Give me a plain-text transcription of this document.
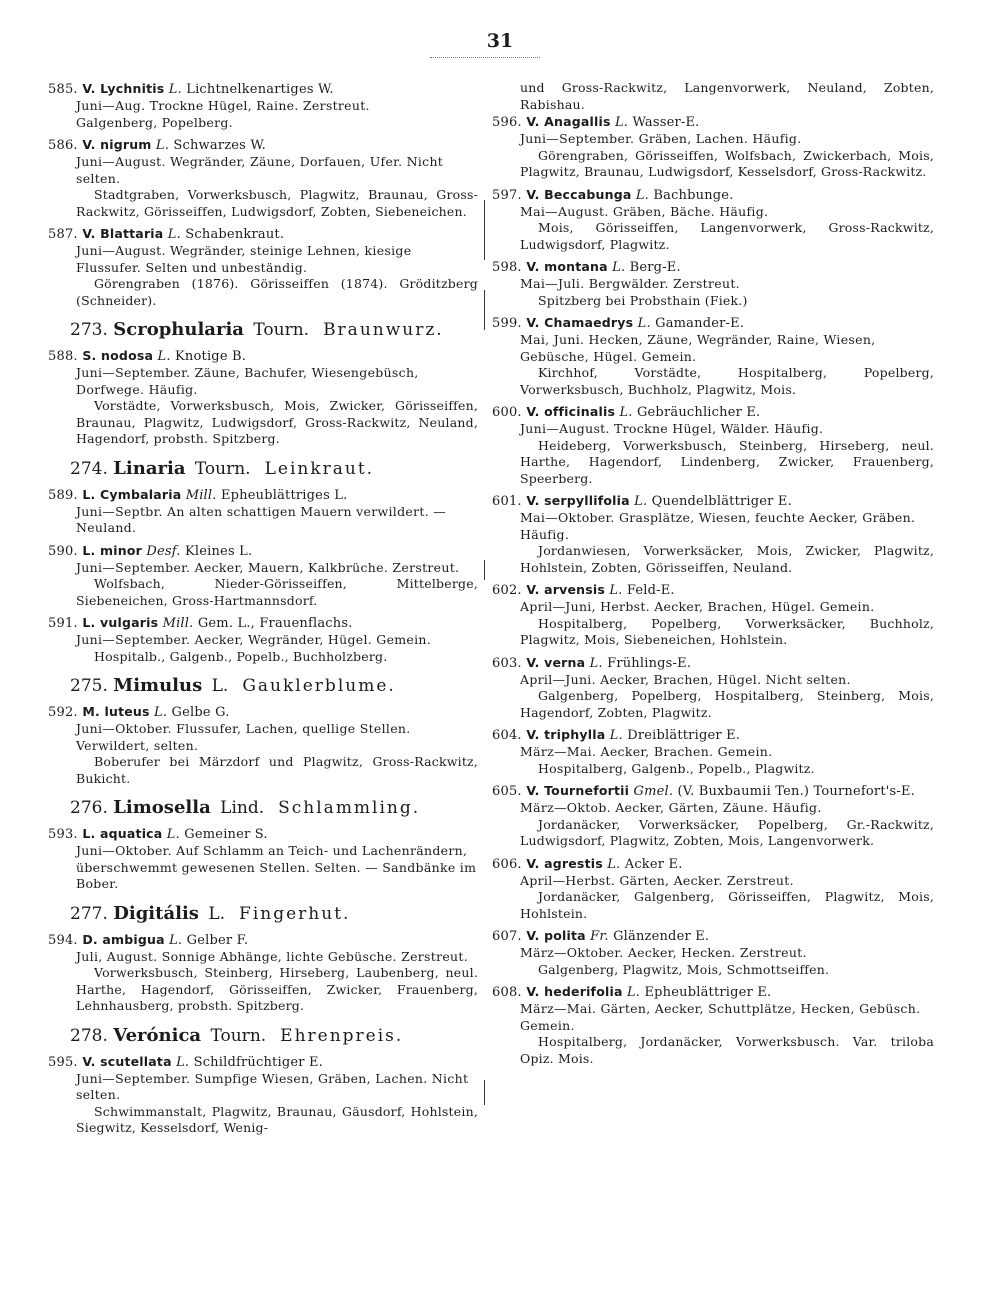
31
585. V. Lychnitis L. Lichtnelkenartiges W.
Juni—Aug. Trockne Hügel, Raine. Zerstreut.
Galgenberg, Popelberg.
586. V. nigrum L. Schwarzes W.
Juni—August. Wegränder, Zäune, Dorfauen, Ufer. Nicht selten.
Stadtgraben, Vorwerksbusch, Plagwitz, Braunau, Gross-Rackwitz, Görisseiffen, Ludwigsdorf, Zobten, Siebeneichen.
587. V. Blattaria L. Schabenkraut.
Juni—August. Wegränder, steinige Lehnen, kiesige Flussufer. Selten und unbeständig.
Görengraben (1876). Görisseiffen (1874). Gröditzberg (Schneider).
273. Scrophularia Tourn. Braunwurz.
588. S. nodosa L. Knotige B.
Juni—September. Zäune, Bachufer, Wiesengebüsch, Dorfwege. Häufig.
Vorstädte, Vorwerksbusch, Mois, Zwicker, Görisseiffen, Braunau, Plagwitz, Ludwigsdorf, Gross-Rackwitz, Neuland, Hagendorf, probsth. Spitzberg.
274. Linaria Tourn. Leinkraut.
589. L. Cymbalaria Mill. Epheublättriges L.
Juni—Septbr. An alten schattigen Mauern verwildert. — Neuland.
590. L. minor Desf. Kleines L.
Juni—September. Aecker, Mauern, Kalkbrüche. Zerstreut.
Wolfsbach, Nieder-Görisseiffen, Mittelberge, Siebeneichen, Gross-Hartmannsdorf.
591. L. vulgaris Mill. Gem. L., Frauenflachs.
Juni—September. Aecker, Wegränder, Hügel. Gemein.
Hospitalb., Galgenb., Popelb., Buchholzberg.
275. Mimulus L. Gauklerblume.
592. M. luteus L. Gelbe G.
Juni—Oktober. Flussufer, Lachen, quellige Stellen. Verwildert, selten.
Boberufer bei Märzdorf und Plagwitz, Gross-Rackwitz, Bukicht.
276. Limosella Lind. Schlammling.
593. L. aquatica L. Gemeiner S.
Juni—Oktober. Auf Schlamm an Teich- und Lachenrändern, überschwemmt gewesenen Stellen. Selten. — Sandbänke im Bober.
277. Digitális L. Fingerhut.
594. D. ambigua L. Gelber F.
Juli, August. Sonnige Abhänge, lichte Gebüsche. Zerstreut.
Vorwerksbusch, Steinberg, Hirseberg, Laubenberg, neul. Harthe, Hagendorf, Görisseiffen, Zwicker, Frauenberg, Lehnhausberg, probsth. Spitzberg.
278. Verónica Tourn. Ehrenpreis.
595. V. scutellata L. Schildfrüchtiger E.
Juni—September. Sumpfige Wiesen, Gräben, Lachen. Nicht selten.
Schwimmanstalt, Plagwitz, Braunau, Gäusdorf, Hohlstein, Siegwitz, Kesselsdorf, Wenig-
und Gross-Rackwitz, Langenvorwerk, Neuland, Zobten, Rabishau.
596. V. Anagallis L. Wasser-E.
Juni—September. Gräben, Lachen. Häufig.
Görengraben, Görisseiffen, Wolfsbach, Zwickerbach, Mois, Plagwitz, Braunau, Ludwigsdorf, Kesselsdorf, Gross-Rackwitz.
597. V. Beccabunga L. Bachbunge.
Mai—August. Gräben, Bäche. Häufig.
Mois, Görisseiffen, Langenvorwerk, Gross-Rackwitz, Ludwigsdorf, Plagwitz.
598. V. montana L. Berg-E.
Mai—Juli. Bergwälder. Zerstreut.
Spitzberg bei Probsthain (Fiek.)
599. V. Chamaedrys L. Gamander-E.
Mai, Juni. Hecken, Zäune, Wegränder, Raine, Wiesen, Gebüsche, Hügel. Gemein.
Kirchhof, Vorstädte, Hospitalberg, Popelberg, Vorwerksbusch, Buchholz, Plagwitz, Mois.
600. V. officinalis L. Gebräuchlicher E.
Juni—August. Trockne Hügel, Wälder. Häufig.
Heideberg, Vorwerksbusch, Steinberg, Hirseberg, neul. Harthe, Hagendorf, Lindenberg, Zwicker, Frauenberg, Speerberg.
601. V. serpyllifolia L. Quendelblättriger E.
Mai—Oktober. Grasplätze, Wiesen, feuchte Aecker, Gräben. Häufig.
Jordanwiesen, Vorwerksäcker, Mois, Zwicker, Plagwitz, Hohlstein, Zobten, Görisseiffen, Neuland.
602. V. arvensis L. Feld-E.
April—Juni, Herbst. Aecker, Brachen, Hügel. Gemein.
Hospitalberg, Popelberg, Vorwerksäcker, Buchholz, Plagwitz, Mois, Siebeneichen, Hohlstein.
603. V. verna L. Frühlings-E.
April—Juni. Aecker, Brachen, Hügel. Nicht selten.
Galgenberg, Popelberg, Hospitalberg, Steinberg, Mois, Hagendorf, Zobten, Plagwitz.
604. V. triphylla L. Dreiblättriger E.
März—Mai. Aecker, Brachen. Gemein.
Hospitalberg, Galgenb., Popelb., Plagwitz.
605. V. Tournefortii Gmel. (V. Buxbaumii Ten.) Tournefort's-E.
März—Oktob. Aecker, Gärten, Zäune. Häufig.
Jordanäcker, Vorwerksäcker, Popelberg, Gr.-Rackwitz, Ludwigsdorf, Plagwitz, Zobten, Mois, Langenvorwerk.
606. V. agrestis L. Acker E.
April—Herbst. Gärten, Aecker. Zerstreut.
Jordanäcker, Galgenberg, Görisseiffen, Plagwitz, Mois, Hohlstein.
607. V. polita Fr. Glänzender E.
März—Oktober. Aecker, Hecken. Zerstreut.
Galgenberg, Plagwitz, Mois, Schmottseiffen.
608. V. hederifolia L. Epheublättriger E.
März—Mai. Gärten, Aecker, Schuttplätze, Hecken, Gebüsch. Gemein.
Hospitalberg, Jordanäcker, Vorwerksbusch. Var. triloba Opiz. Mois.
